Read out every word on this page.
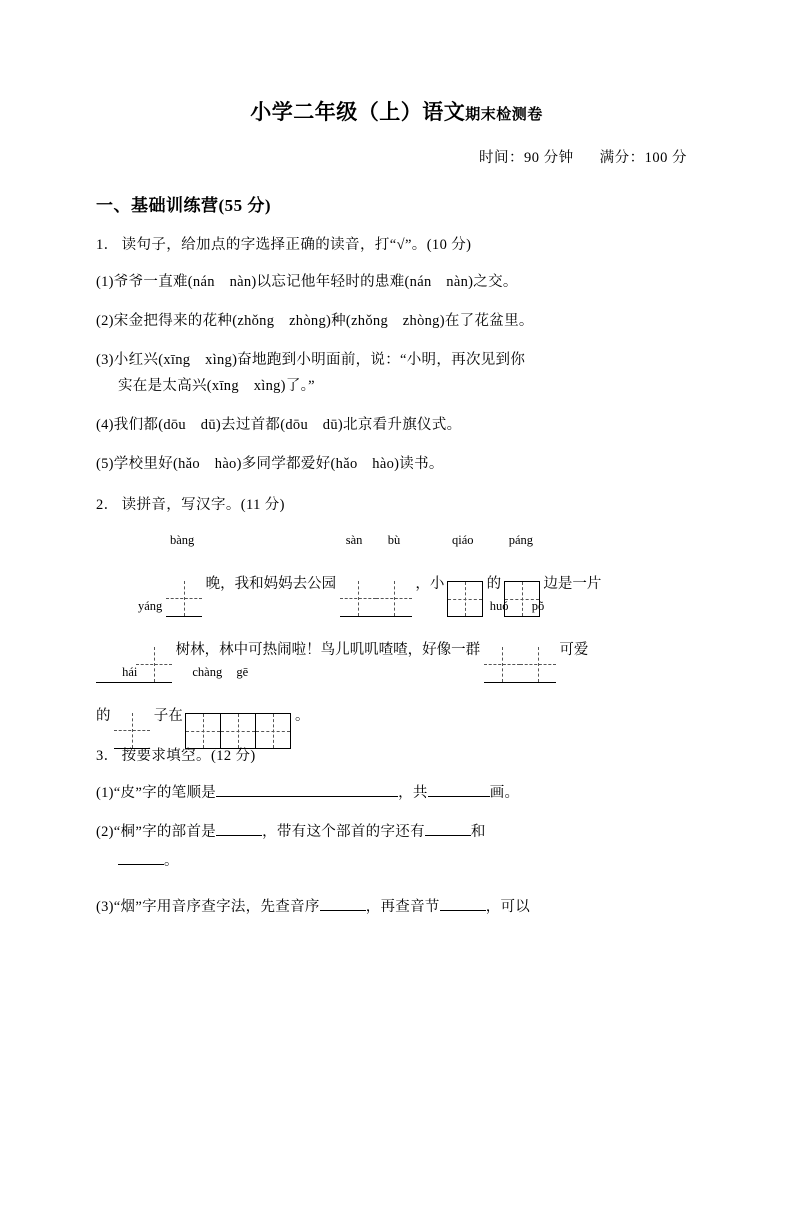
小学二年级（上）语文期末检测卷
时间：90 分钟 满分：100 分
一、基础训练营(55 分)
1． 读句子，给加点的字选择正确的读音，打“√”。(10 分)
(1)爷爷一直难(nán　nàn)以忘记他年轻时的患难(nán　nàn)之交。
(2)宋金把得来的花种(zhǒng　zhòng)种(zhǒng　zhòng)在了花盆里。
(3)小红兴(xīng　xìng)奋地跑到小明面前，说：“小明，再次见到你
实在是太高兴(xīng　xìng)了。”
(4)我们都(dōu　dū)去过首都(dōu　dū)北京看升旗仪式。
(5)学校里好(hǎo　hào)多同学都爱好(hǎo　hào)读书。
2． 读拼音，写汉字。(11 分)
bàng
晚，我和妈妈去公园
sàn bù
，小
qiáo
的
páng
边是一片
yáng
树林，林中可热闹啦！鸟儿叽叽喳喳，好像一群
huó põ
可爱
的
hái
子在
chàng gē
。
3． 按要求填空。(12 分)
(1)“皮”字的笔顺是	，共	画。
(2)“桐”字的部首是	，带有这个部首的字还有	和
。
(3)“烟”字用音序查字法，先查音序	，再查音节	，可以
